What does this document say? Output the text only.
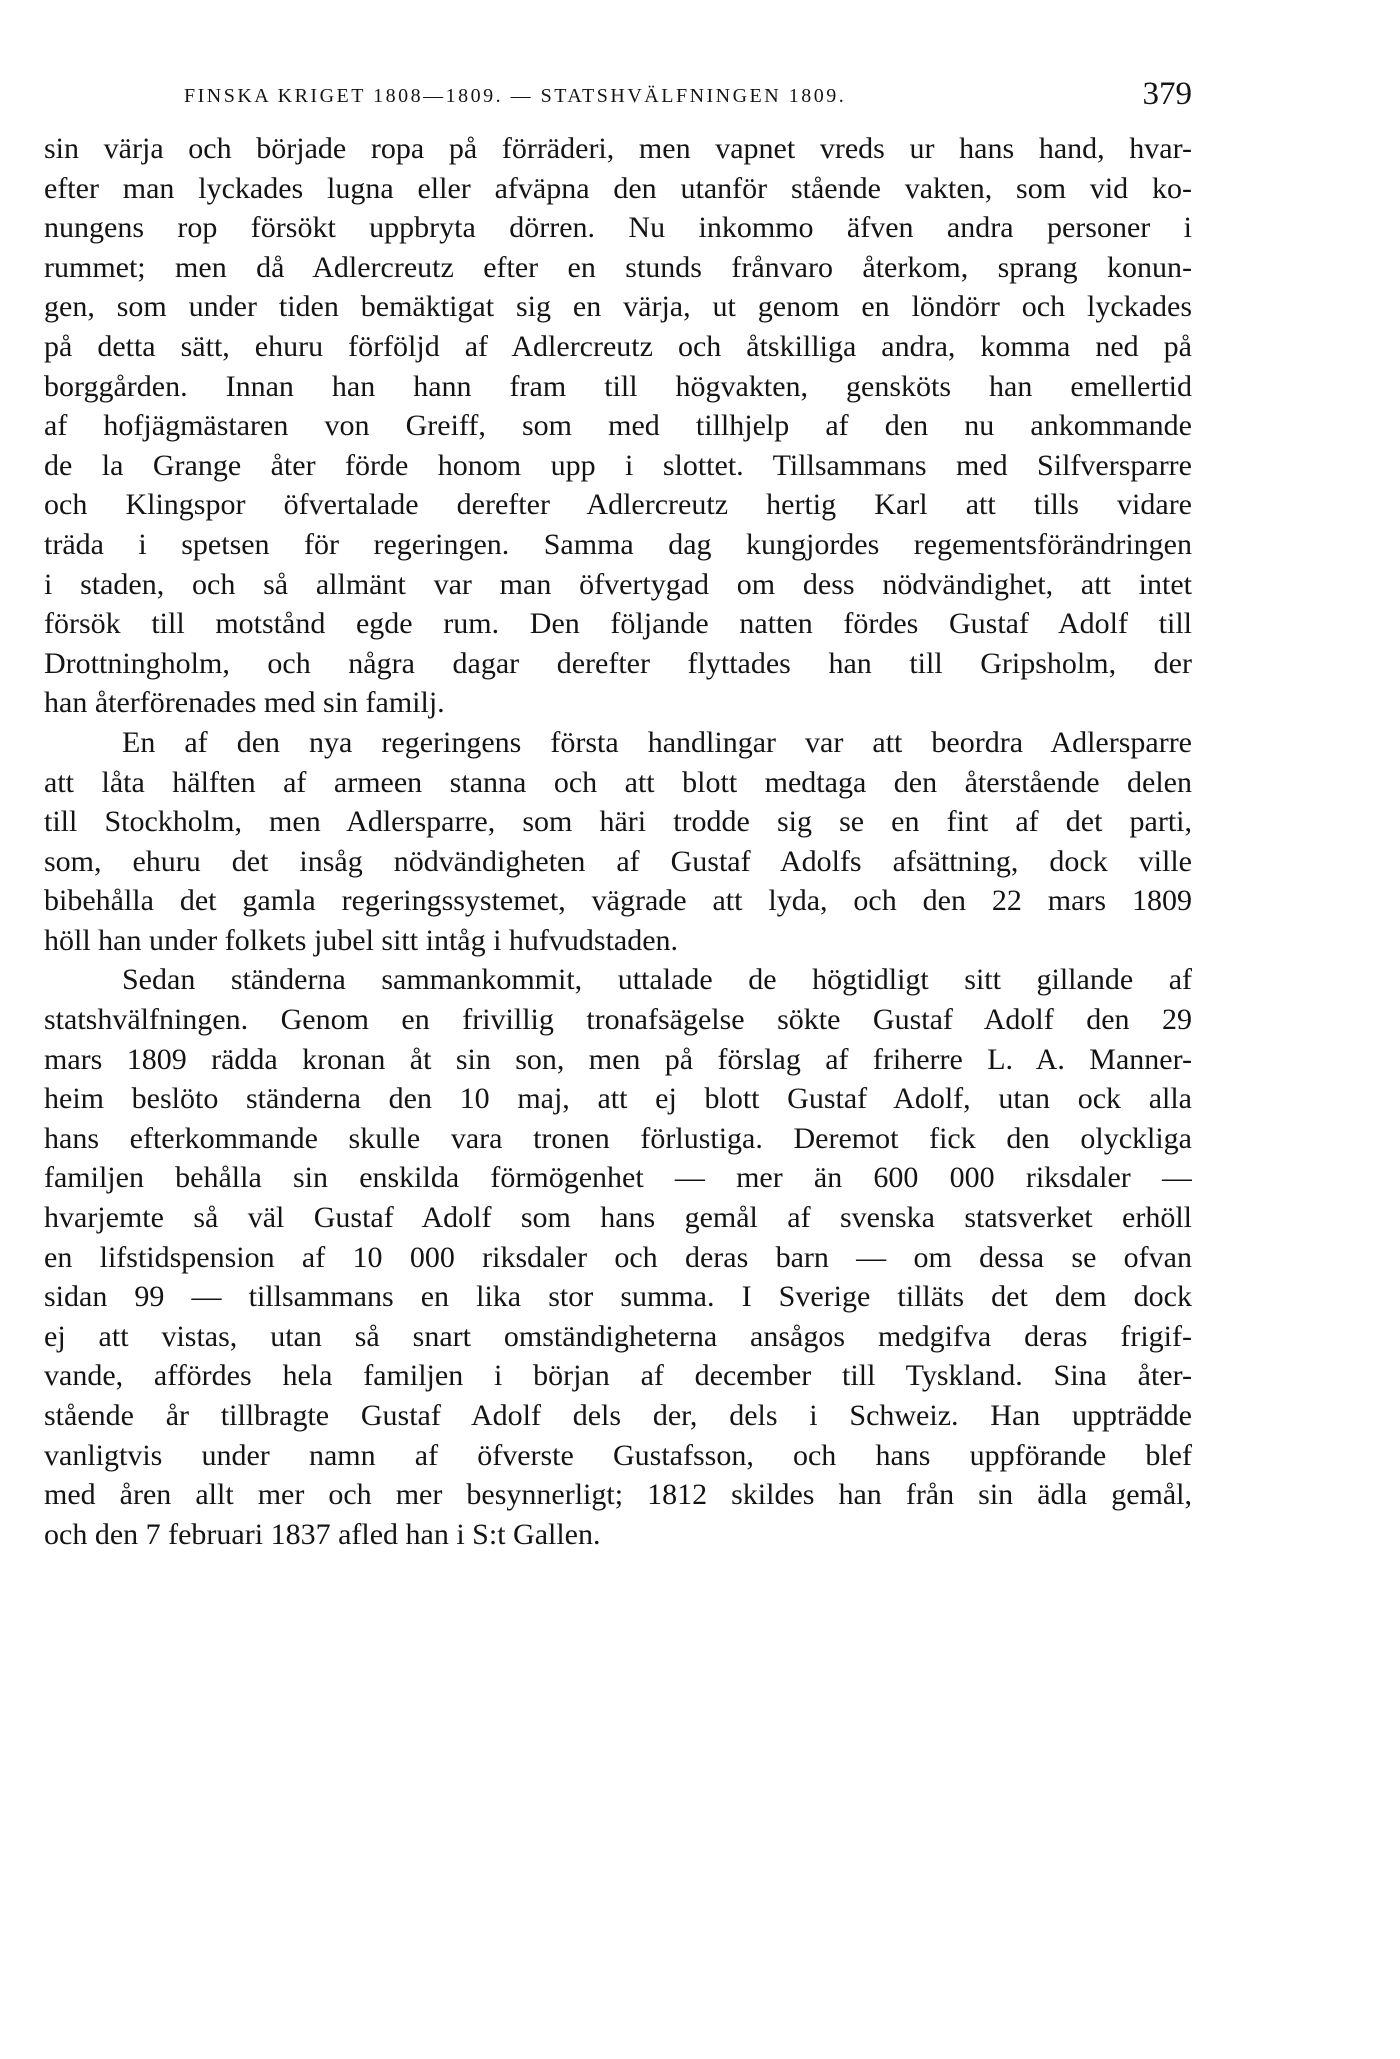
FINSKA KRIGET 1808—1809. — STATSHVÄLFNINGEN 1809.	379
sin värja och började ropa på förräderi, men vapnet vreds ur hans hand, hvar-
efter man lyckades lugna eller afväpna den utanför stående vakten, som vid ko-
nungens rop försökt uppbryta dörren. Nu inkommo äfven andra personer i
rummet; men då Adlercreutz efter en stunds frånvaro återkom, sprang konun-
gen, som under tiden bemäktigat sig en värja, ut genom en löndörr och lyckades
på detta sätt, ehuru förföljd af Adlercreutz och åtskilliga andra, komma ned på
borggården. Innan han hann fram till högvakten, gensköts han emellertid
af hofjägmästaren von Greiff, som med tillhjelp af den nu ankommande
de la Grange åter förde honom upp i slottet. Tillsammans med Silfversparre
och Klingspor öfvertalade derefter Adlercreutz hertig Karl att tills vidare
träda i spetsen för regeringen. Samma dag kungjordes regementsförändringen
i staden, och så allmänt var man öfvertygad om dess nödvändighet, att intet
försök till motstånd egde rum. Den följande natten fördes Gustaf Adolf till
Drottningholm, och några dagar derefter flyttades han till Gripsholm, der
han återförenades med sin familj.
En af den nya regeringens första handlingar var att beordra Adlersparre
att låta hälften af armeen stanna och att blott medtaga den återstående delen
till Stockholm, men Adlersparre, som häri trodde sig se en fint af det parti,
som, ehuru det insåg nödvändigheten af Gustaf Adolfs afsättning, dock ville
bibehålla det gamla regeringssystemet, vägrade att lyda, och den 22 mars 1809
höll han under folkets jubel sitt intåg i hufvudstaden.
Sedan ständerna sammankommit, uttalade de högtidligt sitt gillande af
statshvälfningen. Genom en frivillig tronafsägelse sökte Gustaf Adolf den 29
mars 1809 rädda kronan åt sin son, men på förslag af friherre L. A. Manner-
heim beslöto ständerna den 10 maj, att ej blott Gustaf Adolf, utan ock alla
hans efterkommande skulle vara tronen förlustiga. Deremot fick den olyckliga
familjen behålla sin enskilda förmögenhet — mer än 600 000 riksdaler —
hvarjemte så väl Gustaf Adolf som hans gemål af svenska statsverket erhöll
en lifstidspension af 10 000 riksdaler och deras barn — om dessa se ofvan
sidan 99 — tillsammans en lika stor summa. I Sverige tilläts det dem dock
ej att vistas, utan så snart omständigheterna ansågos medgifva deras frigif-
vande, affördes hela familjen i början af december till Tyskland. Sina åter-
stående år tillbragte Gustaf Adolf dels der, dels i Schweiz. Han uppträdde
vanligtvis under namn af öfverste Gustafsson, och hans uppförande blef
med åren allt mer och mer besynnerligt; 1812 skildes han från sin ädla gemål,
och den 7 februari 1837 afled han i S:t Gallen.
